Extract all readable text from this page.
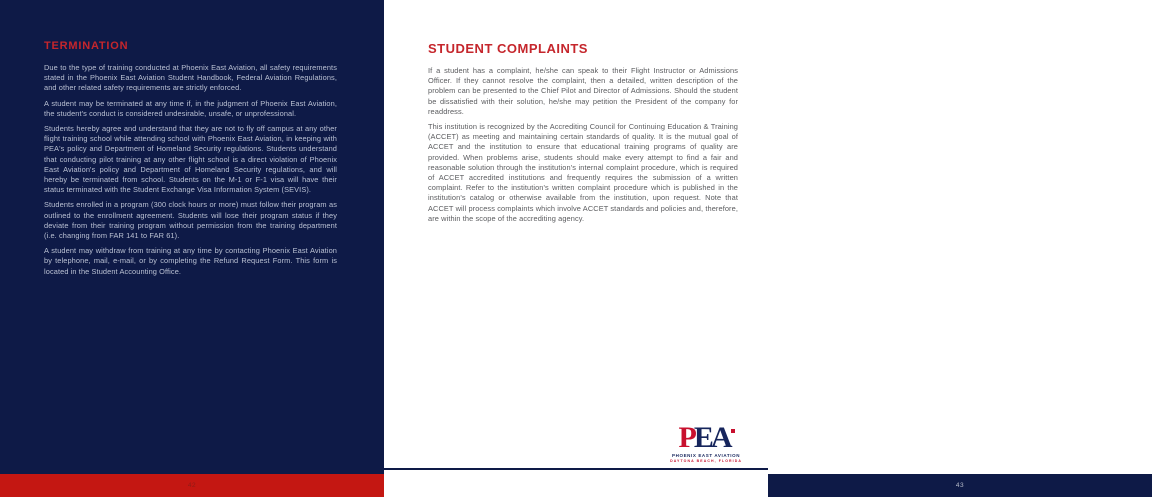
TERMINATION

Due to the type of training conducted at Phoenix East Aviation, all safety requirements stated in the Phoenix East Aviation Student Handbook, Federal Aviation Regulations, and other related safety requirements are strictly enforced.

A student may be terminated at any time if, in the judgment of Phoenix East Aviation, the student's conduct is considered undesirable, unsafe, or unprofessional.

Students hereby agree and understand that they are not to fly off campus at any other flight training school while attending school with Phoenix East Aviation, in keeping with PEA's policy and Department of Homeland Security regulations. Students understand that conducting pilot training at any other flight school is a direct violation of Phoenix East Aviation's policy and Department of Homeland Security regulations, and will hereby be terminated from school. Students on the M-1 or F-1 visa will have their status terminated with the Student Exchange Visa Information System (SEVIS).

Students enrolled in a program (300 clock hours or more) must follow their program as outlined to the enrollment agreement. Students will lose their program status if they deviate from their training program without permission from the training department (i.e. changing from FAR 141 to FAR 61).

A student may withdraw from training at any time by contacting Phoenix East Aviation by telephone, mail, e-mail, or by completing the Refund Request Form. This form is located in the Student Accounting Office.

42
STUDENT COMPLAINTS

If a student has a complaint, he/she can speak to their Flight Instructor or Admissions Officer. If they cannot resolve the complaint, then a detailed, written description of the problem can be presented to the Chief Pilot and Director of Admissions. Should the student be dissatisfied with their solution, he/she may petition the President of the company for readdress.

This institution is recognized by the Accrediting Council for Continuing Education & Training (ACCET) as meeting and maintaining certain standards of quality. It is the mutual goal of ACCET and the institution to ensure that educational training programs of quality are provided. When problems arise, students should make every attempt to find a fair and reasonable solution through the institution's internal complaint procedure, which is required of ACCET accredited institutions and frequently requires the submission of a written complaint. Refer to the institution's written complaint procedure which is published in the institution's catalog or otherwise available from the institution, upon request. Note that ACCET will process complaints which involve ACCET standards and policies and, therefore, are within the scope of the accrediting agency.

PEA
PHOENIX EAST AVIATION
DAYTONA BEACH, FLORIDA
43
